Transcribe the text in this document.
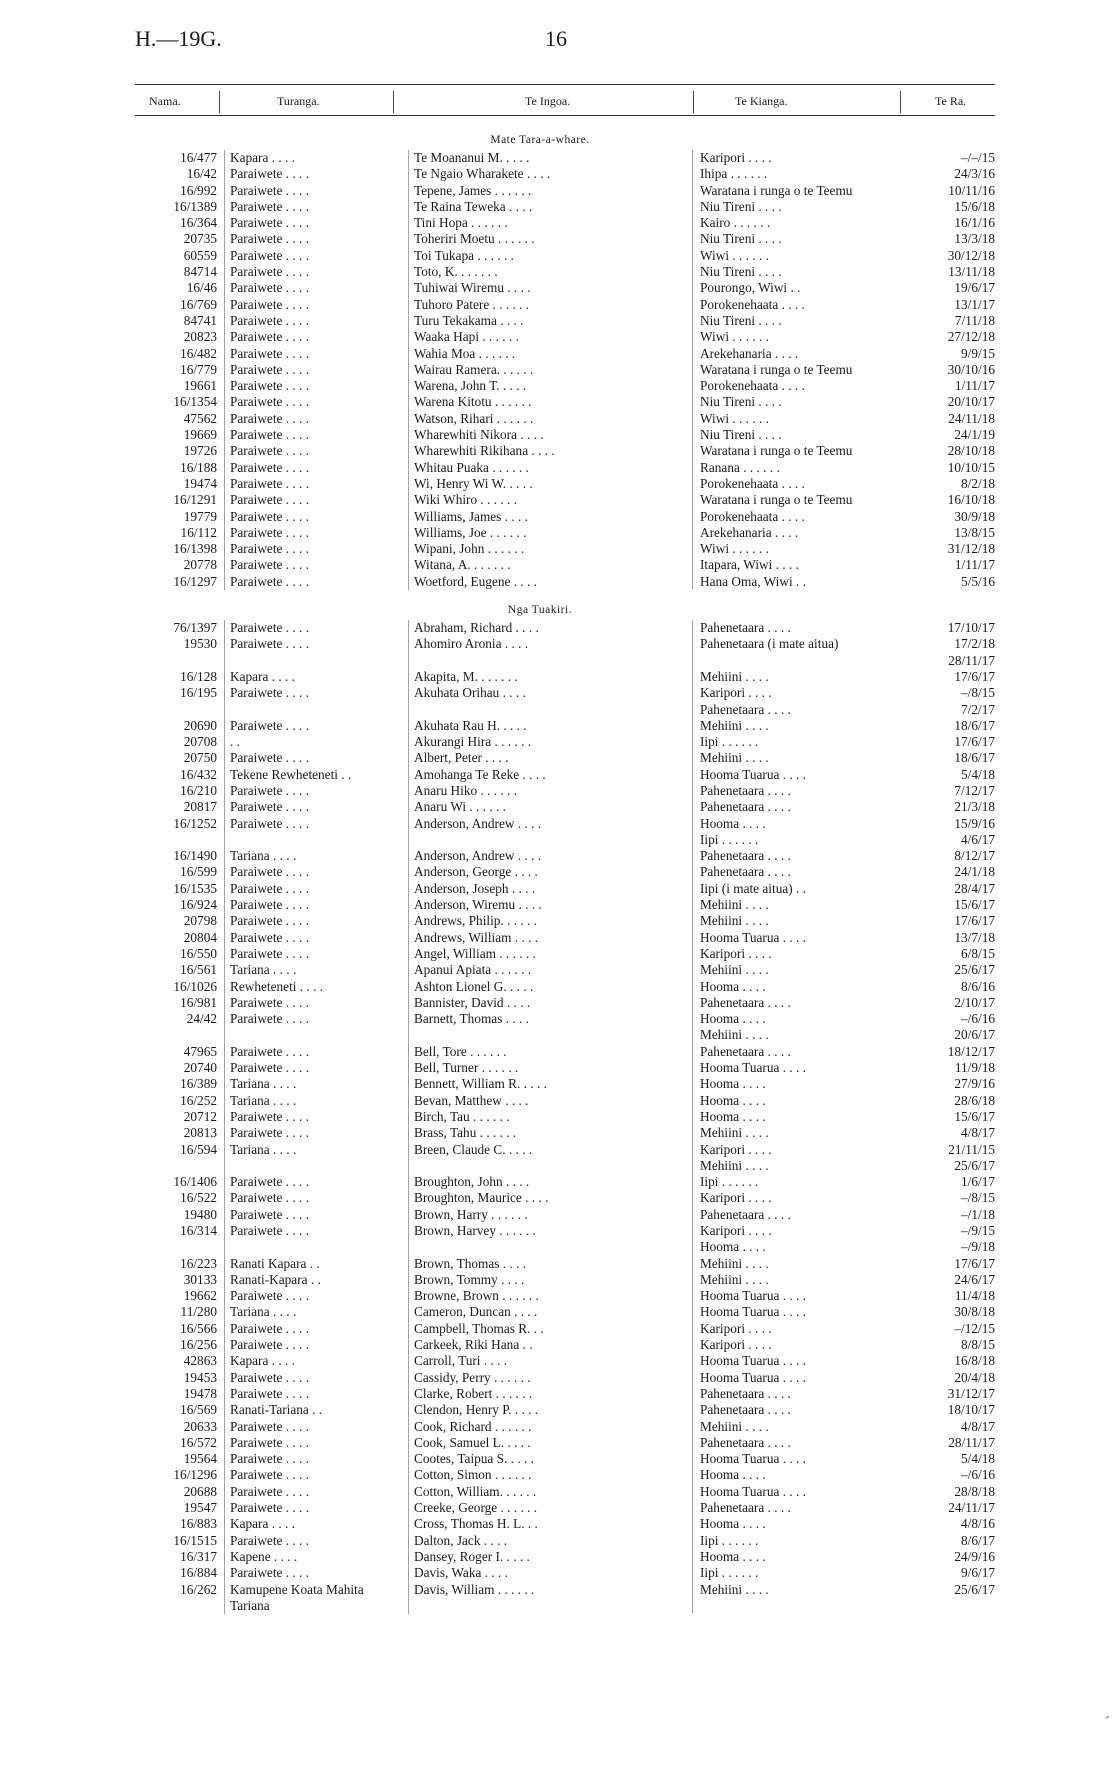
H.—19G.	16
Nama.	Turanga.	Te Ingoa.	Te Kianga.	Te Ra.
Mate Tara-a-whare.
16/477 Kapara . . . .	Te Moananui M. . . . .	Karipori . . . .	–/–/15
16/42 Paraiwete . . . .	Te Ngaio Wharakete . . . .	Ihipa . . . . . .	24/3/16
16/992 Paraiwete . . . .	Tepene, James . . . . . .	Waratana i runga o te Teemu	10/11/16
16/1389 Paraiwete . . . .	Te Raina Teweka . . . .	Niu Tireni . . . .	15/6/18
16/364 Paraiwete . . . .	Tini Hopa . . . . . .	Kairo . . . . . .	16/1/16
20735 Paraiwete . . . .	Toheriri Moetu . . . . . .	Niu Tireni . . . .	13/3/18
60559 Paraiwete . . . .	Toi Tukapa . . . . . .	Wiwi . . . . . .	30/12/18
84714 Paraiwete . . . .	Toto, K. . . . . . .	Niu Tireni . . . .	13/11/18
16/46 Paraiwete . . . .	Tuhiwai Wiremu . . . .	Pourongo, Wiwi . .	19/6/17
16/769 Paraiwete . . . .	Tuhoro Patere . . . . . .	Porokenehaata . . . .	13/1/17
84741 Paraiwete . . . .	Turu Tekakama . . . .	Niu Tireni . . . .	7/11/18
20823 Paraiwete . . . .	Waaka Hapi . . . . . .	Wiwi . . . . . .	27/12/18
16/482 Paraiwete . . . .	Wahia Moa . . . . . .	Arekehanaria . . . .	9/9/15
16/779 Paraiwete . . . .	Wairau Ramera. . . . . .	Waratana i runga o te Teemu	30/10/16
19661 Paraiwete . . . .	Warena, John T. . . . .	Porokenehaata . . . .	1/11/17
16/1354 Paraiwete . . . .	Warena Kitotu . . . . . .	Niu Tireni . . . .	20/10/17
47562 Paraiwete . . . .	Watson, Rihari . . . . . .	Wiwi . . . . . .	24/11/18
19669 Paraiwete . . . .	Wharewhiti Nikora . . . .	Niu Tireni . . . .	24/1/19
19726 Paraiwete . . . .	Wharewhiti Rikihana . . . .	Waratana i runga o te Teemu	28/10/18
16/188 Paraiwete . . . .	Whitau Puaka . . . . . .	Ranana . . . . . .	10/10/15
19474 Paraiwete . . . .	Wi, Henry Wi W. . . . .	Porokenehaata . . . .	8/2/18
16/1291 Paraiwete . . . .	Wiki Whiro . . . . . .	Waratana i runga o te Teemu	16/10/18
19779 Paraiwete . . . .	Williams, James . . . .	Porokenehaata . . . .	30/9/18
16/112 Paraiwete . . . .	Williams, Joe . . . . . .	Arekehanaria . . . .	13/8/15
16/1398 Paraiwete . . . .	Wipani, John . . . . . .	Wiwi . . . . . .	31/12/18
20778 Paraiwete . . . .	Witana, A. . . . . . .	Itapara, Wiwi . . . .	1/11/17
16/1297 Paraiwete . . . .	Woetford, Eugene . . . .	Hana Oma, Wiwi . .	5/5/16
Nga Tuakiri.
76/1397 Paraiwete . . . .	Abraham, Richard . . . .	Pahenetaara . . . .	17/10/17
19530 Paraiwete . . . .	Ahomiro Aronia . . . .	Pahenetaara (i mate aitua)	17/2/18
28/11/17
16/128 Kapara . . . .	Akapita, M. . . . . . .	Mehiini . . . .	17/6/17
16/195 Paraiwete . . . .	Akuhata Orihau . . . .	Karipori . . . .	–/8/15
Pahenetaara . . . .	7/2/17
20690 Paraiwete . . . .	Akuhata Rau H. . . . .	Mehiini . . . .	18/6/17
20708 . .	Akurangi Hira . . . . . .	Iipi . . . . . .	17/6/17
20750 Paraiwete . . . .	Albert, Peter . . . .	Mehiini . . . .	18/6/17
16/432 Tekene Rewheteneti . .	Amohanga Te Reke . . . .	Hooma Tuarua . . . .	5/4/18
16/210 Paraiwete . . . .	Anaru Hiko . . . . . .	Pahenetaara . . . .	7/12/17
20817 Paraiwete . . . .	Anaru Wi . . . . . .	Pahenetaara . . . .	21/3/18
16/1252 Paraiwete . . . .	Anderson, Andrew . . . .	Hooma . . . .	15/9/16
Iipi . . . . . .	4/6/17
16/1490 Tariana . . . .	Anderson, Andrew . . . .	Pahenetaara . . . .	8/12/17
16/599 Paraiwete . . . .	Anderson, George . . . .	Pahenetaara . . . .	24/1/18
16/1535 Paraiwete . . . .	Anderson, Joseph . . . .	Iipi (i mate aitua) . .	28/4/17
16/924 Paraiwete . . . .	Anderson, Wiremu . . . .	Mehiini . . . .	15/6/17
20798 Paraiwete . . . .	Andrews, Philip. . . . . .	Mehiini . . . .	17/6/17
20804 Paraiwete . . . .	Andrews, William . . . .	Hooma Tuarua . . . .	13/7/18
16/550 Paraiwete . . . .	Angel, William . . . . . .	Karipori . . . .	6/8/15
16/561 Tariana . . . .	Apanui Apiata . . . . . .	Mehiini . . . .	25/6/17
16/1026 Rewheteneti . . . .	Ashton Lionel G. . . . .	Hooma . . . .	8/6/16
16/981 Paraiwete . . . .	Bannister, David . . . .	Pahenetaara . . . .	2/10/17
24/42 Paraiwete . . . .	Barnett, Thomas . . . .	Hooma . . . .	–/6/16
Mehiini . . . .	20/6/17
47965 Paraiwete . . . .	Bell, Tore . . . . . .	Pahenetaara . . . .	18/12/17
20740 Paraiwete . . . .	Bell, Turner . . . . . .	Hooma Tuarua . . . .	11/9/18
16/389 Tariana . . . .	Bennett, William R. . . . .	Hooma . . . .	27/9/16
16/252 Tariana . . . .	Bevan, Matthew . . . .	Hooma . . . .	28/6/18
20712 Paraiwete . . . .	Birch, Tau . . . . . .	Hooma . . . .	15/6/17
20813 Paraiwete . . . .	Brass, Tahu . . . . . .	Mehiini . . . .	4/8/17
16/594 Tariana . . . .	Breen, Claude C. . . . .	Karipori . . . .	21/11/15
Mehiini . . . .	25/6/17
16/1406 Paraiwete . . . .	Broughton, John . . . .	Iipi . . . . . .	1/6/17
16/522 Paraiwete . . . .	Broughton, Maurice . . . .	Karipori . . . .	–/8/15
19480 Paraiwete . . . .	Brown, Harry . . . . . .	Pahenetaara . . . .	–/1/18
16/314 Paraiwete . . . .	Brown, Harvey . . . . . .	Karipori . . . .	–/9/15
Hooma . . . .	–/9/18
16/223 Ranati Kapara . .	Brown, Thomas . . . .	Mehiini . . . .	17/6/17
30133 Ranati-Kapara . .	Brown, Tommy . . . .	Mehiini . . . .	24/6/17
19662 Paraiwete . . . .	Browne, Brown . . . . . .	Hooma Tuarua . . . .	11/4/18
11/280 Tariana . . . .	Cameron, Duncan . . . .	Hooma Tuarua . . . .	30/8/18
16/566 Paraiwete . . . .	Campbell, Thomas R. . .	Karipori . . . .	–/12/15
16/256 Paraiwete . . . .	Carkeek, Riki Hana . .	Karipori . . . .	8/8/15
42863 Kapara . . . .	Carroll, Turi . . . .	Hooma Tuarua . . . .	16/8/18
19453 Paraiwete . . . .	Cassidy, Perry . . . . . .	Hooma Tuarua . . . .	20/4/18
19478 Paraiwete . . . .	Clarke, Robert . . . . . .	Pahenetaara . . . .	31/12/17
16/569 Ranati-Tariana . .	Clendon, Henry P. . . . .	Pahenetaara . . . .	18/10/17
20633 Paraiwete . . . .	Cook, Richard . . . . . .	Mehiini . . . .	4/8/17
16/572 Paraiwete . . . .	Cook, Samuel L. . . . .	Pahenetaara . . . .	28/11/17
19564 Paraiwete . . . .	Cootes, Taipua S. . . . .	Hooma Tuarua . . . .	5/4/18
16/1296 Paraiwete . . . .	Cotton, Simon . . . . . .	Hooma . . . .	–/6/16
20688 Paraiwete . . . .	Cotton, William. . . . . .	Hooma Tuarua . . . .	28/8/18
19547 Paraiwete . . . .	Creeke, George . . . . . .	Pahenetaara . . . .	24/11/17
16/883 Kapara . . . .	Cross, Thomas H. L. . .	Hooma . . . .	4/8/16
16/1515 Paraiwete . . . .	Dalton, Jack . . . .	Iipi . . . . . .	8/6/17
16/317 Kapene . . . .	Dansey, Roger I. . . . .	Hooma . . . .	24/9/16
16/884 Paraiwete . . . .	Davis, Waka . . . .	Iipi . . . . . .	9/6/17
16/262 Kamupene Koata Mahita	Davis, William . . . . . .	Mehiini . . . .	25/6/17
Tariana
´
